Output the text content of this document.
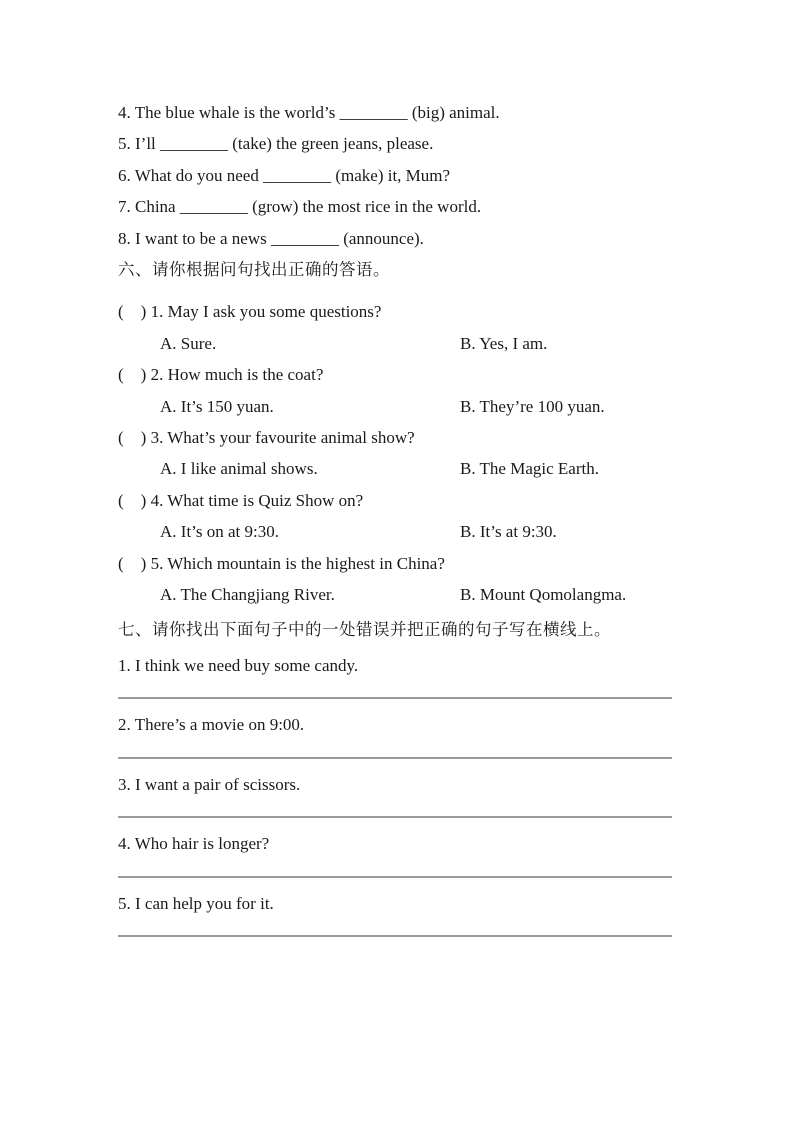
4. The blue whale is the world’s ________ (big) animal.

5. I’ll ________ (take) the green jeans, please.

6. What do you need ________ (make) it, Mum?

7. China ________ (grow) the most rice in the world.

8. I want to be a news ________ (announce).

六、请你根据问句找出正确的答语。

(    ) 1. May I ask you some questions?

A. Sure.	B. Yes, I am.

(    ) 2. How much is the coat?

A. It’s 150 yuan.	B. They’re 100 yuan.

(    ) 3. What’s your favourite animal show?

A. I like animal shows.	B. The Magic Earth.

(    ) 4. What time is Quiz Show on?

A. It’s on at 9:30.	B. It’s at 9:30.

(    ) 5. Which mountain is the highest in China?

A. The Changjiang River.	B. Mount Qomolangma.

七、请你找出下面句子中的一处错误并把正确的句子写在横线上。

1. I think we need buy some candy.

2. There’s a movie on 9:00.

3. I want a pair of scissors.

4. Who hair is longer?

5. I can help you for it.
